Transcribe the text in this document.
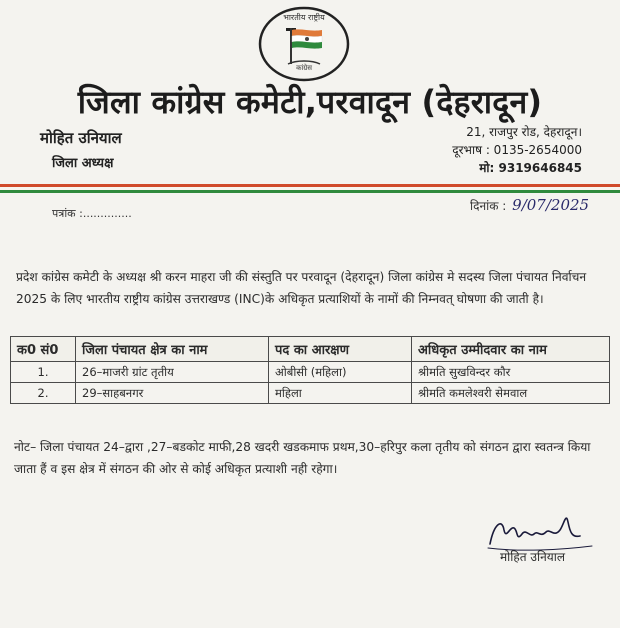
भारतीय राष्ट्रीय
कांग्रेस
जिला कांग्रेस कमेटी,परवादून (देहरादून)
मोहित उनियाल
जिला अध्यक्ष
21, राजपुर रोड, देहरादून।
दूरभाष : 0135-2654000
मो: 9319646845
पत्रांक :..............
दिनांक : 9/07/2025
प्रदेश कांग्रेस कमेटी के अध्यक्ष श्री करन माहरा जी की संस्तुति पर परवादून (देहरादून) जिला कांग्रेस मे सदस्य जिला पंचायत निर्वाचन 2025 के लिए भारतीय राष्ट्रीय कांग्रेस उत्तराखण्ड (INC)के अधिकृत प्रत्याशियों के नामों की निम्नवत् घोषणा की जाती है।
क0 सं0	जिला पंचायत क्षेत्र का नाम	पद का आरक्षण	अधिकृत उम्मीदवार का नाम
1.	26–माजरी ग्रांट तृतीय	ओबीसी (महिला)	श्रीमति सुखविन्दर कौर
2.	29–साहबनगर	महिला	श्रीमति कमलेश्वरी सेमवाल
नोट– जिला पंचायत 24–द्वारा ,27–बडकोट माफी,28 खदरी खडकमाफ प्रथम,30–हरिपुर कला तृतीय को संगठन द्वारा स्वतन्त्र किया जाता हैं व इस क्षेत्र में संगठन की ओर से कोई अधिकृत प्रत्याशी नही रहेगा।
मोहित उनियाल
